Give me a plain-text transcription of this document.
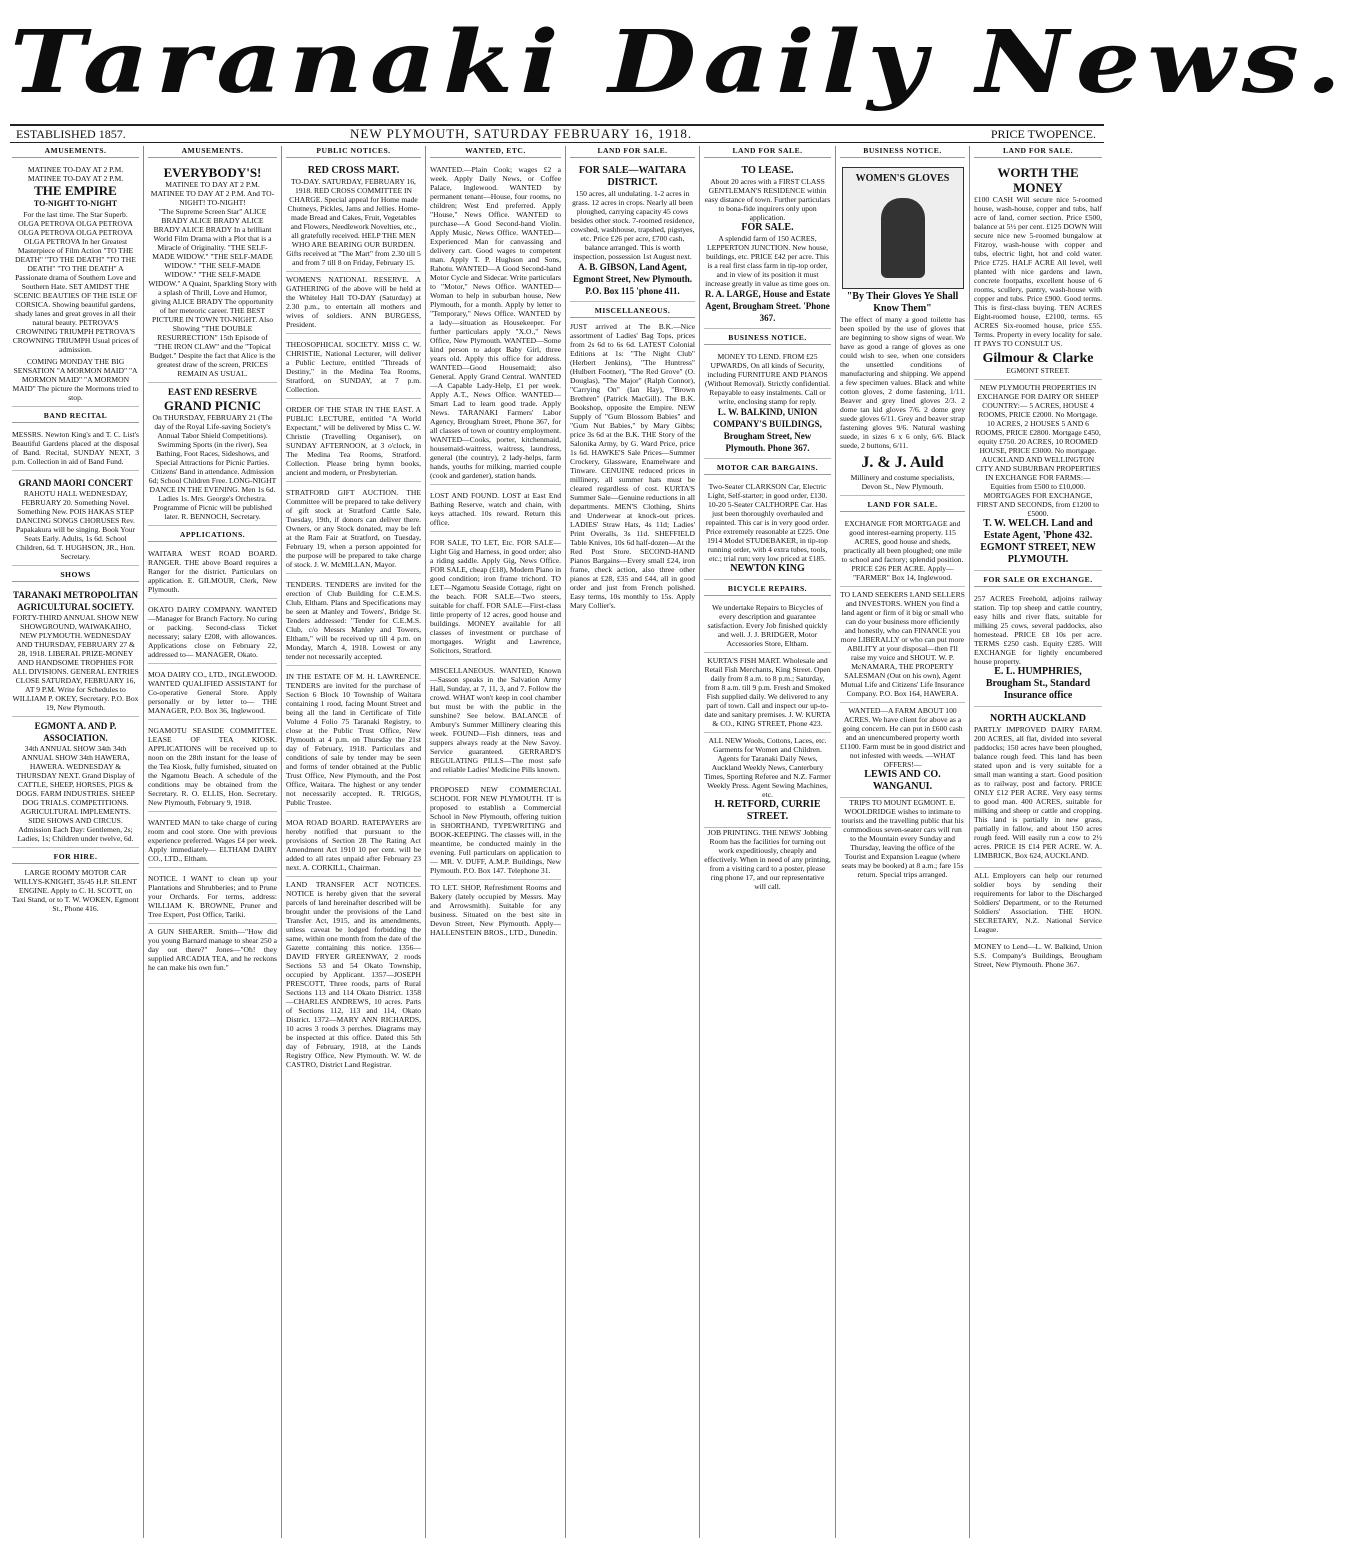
Taranaki Daily News.
ESTABLISHED 1857.	NEW PLYMOUTH, SATURDAY FEBRUARY 16, 1918.	PRICE TWOPENCE.
AMUSEMENTS.
MATINEE TO-DAY AT 2 P.M.
MATINEE TO-DAY AT 2 P.M.
THE EMPIRE
TO-NIGHT TO-NIGHT
For the last time. The Star Superb. OLGA PETROVA OLGA PETROVA OLGA PETROVA OLGA PETROVA OLGA PETROVA In her Greatest Masterpiece of Film Action "TO THE DEATH" "TO THE DEATH" "TO THE DEATH" "TO THE DEATH" A Passionate drama of Southern Love and Southern Hate. SET AMIDST THE SCENIC BEAUTIES OF THE ISLE OF CORSICA. Showing beautiful gardens, shady lanes and great groves in all their natural beauty. PETROVA'S CROWNING TRIUMPH PETROVA'S CROWNING TRIUMPH Usual prices of admission.
COMING MONDAY THE BIG SENSATION "A MORMON MAID" "A MORMON MAID" "A MORMON MAID" The picture the Mormons tried to stop.
BAND RECITAL
MESSRS. Newton King's and T. C. List's Beautiful Gardens placed at the disposal of Band. Recital, SUNDAY NEXT, 3 p.m. Collection in aid of Band Fund.
GRAND MAORI CONCERT
RAHOTU HALL WEDNESDAY, FEBRUARY 20. Something Novel. Something New. POIS HAKAS STEP DANCING SONGS CHORUSES Rev. Papakakura will be singing. Book Your Seats Early. Adults, 1s 6d. School Children, 6d. T. HUGHSON, JR., Hon. Secretary.
SHOWS
TARANAKI METROPOLITAN AGRICULTURAL SOCIETY.
FORTY-THIRD ANNUAL SHOW NEW SHOWGROUND, WAIWAKAIHO, NEW PLYMOUTH. WEDNESDAY AND THURSDAY, FEBRUARY 27 & 28, 1918. LIBERAL PRIZE-MONEY AND HANDSOME TROPHIES FOR ALL DIVISIONS. GENERAL ENTRIES CLOSE SATURDAY, FEBRUARY 16, AT 9 P.M. Write for Schedules to WILLIAM P. OKEY, Secretary. P.O. Box 19, New Plymouth.
EGMONT A. AND P. ASSOCIATION.
34th ANNUAL SHOW 34th 34th ANNUAL SHOW 34th HAWERA, HAWERA. WEDNESDAY & THURSDAY NEXT. Grand Display of CATTLE, SHEEP, HORSES, PIGS & DOGS. FARM INDUSTRIES. SHEEP DOG TRIALS. COMPETITIONS. AGRICULTURAL IMPLEMENTS. SIDE SHOWS AND CIRCUS. Admission Each Day: Gentlemen, 2s; Ladies, 1s; Children under twelve, 6d.
FOR HIRE.
LARGE ROOMY MOTOR CAR WILLYS-KNIGHT, 35/45 H.P. SILENT ENGINE. Apply to C. H. SCOTT, on Taxi Stand, or to T. W. WOKEN, Egmont St., Phone 416.
AMUSEMENTS.
EVERYBODY'S!
MATINEE TO DAY AT 2 P.M. MATINEE TO DAY AT 2 P.M. And TO-NIGHT! TO-NIGHT!
"The Supreme Screen Star" ALICE BRADY ALICE BRADY ALICE BRADY ALICE BRADY In a brilliant World Film Drama with a Plot that is a Miracle of Originality. "THE SELF-MADE WIDOW." "THE SELF-MADE WIDOW." "THE SELF-MADE WIDOW." "THE SELF-MADE WIDOW." A Quaint, Sparkling Story with a splash of Thrill, Love and Humor, giving ALICE BRADY The opportunity of her meteoric career. THE BEST PICTURE IN TOWN TO-NIGHT. Also Showing "THE DOUBLE RESURRECTION" 15th Episode of "THE IRON CLAW" and the "Topical Budget." Despite the fact that Alice is the greatest draw of the screen, PRICES REMAIN AS USUAL.
EAST END RESERVE
GRAND PICNIC
On THURSDAY, FEBRUARY 21 (The day of the Royal Life-saving Society's Annual Tabor Shield Competitions). Swimming Sports (in the river), Sea Bathing, Foot Races, Sideshows, and Special Attractions for Picnic Parties. Citizens' Band in attendance. Admission 6d; School Children Free. LONG-NIGHT DANCE IN THE EVENING. Men 1s 6d. Ladies 1s. Mrs. George's Orchestra. Programme of Picnic will be published later. R. BENNOCH, Secretary.
APPLICATIONS.
WAITARA WEST ROAD BOARD. RANGER. THE above Board requires a Ranger for the district. Particulars on application. E. GILMOUR, Clerk, New Plymouth.
OKATO DAIRY COMPANY. WANTED—Manager for Branch Factory. No curing or packing. Second-class Ticket necessary; salary £208, with allowances. Applications close on February 22, addressed to— MANAGER, Okato.
MOA DAIRY CO., LTD., INGLEWOOD. WANTED QUALIFIED ASSISTANT for Co-operative General Store. Apply personally or by letter to— THE MANAGER, P.O. Box 36, Inglewood.
NGAMOTU SEASIDE COMMITTEE. LEASE OF TEA KIOSK. APPLICATIONS will be received up to noon on the 28th instant for the lease of the Tea Kiosk, fully furnished, situated on the Ngamotu Beach. A schedule of the conditions may be obtained from the Secretary. R. O. ELLIS, Hon. Secretary. New Plymouth, February 9, 1918.
WANTED MAN to take charge of curing room and cool store. One with previous experience preferred. Wages £4 per week. Apply immediately— ELTHAM DAIRY CO., LTD., Eltham.
NOTICE. I WANT to clean up your Plantations and Shrubberies; and to Prune your Orchards. For terms, address: WILLIAM K. BROWNE, Pruner and Tree Expert, Post Office, Tariki.
A GUN SHEARER. Smith—"How did you young Barnard manage to shear 250 a day out there?" Jones—"Oh! they supplied ARCADIA TEA, and he reckons he can make his own fun."
PUBLIC NOTICES.
RED CROSS MART.
TO-DAY. SATURDAY, FEBRUARY 16, 1918. RED CROSS COMMITTEE IN CHARGE. Special appeal for Home made Chutneys, Pickles, Jams and Jellies. Home-made Bread and Cakes, Fruit, Vegetables and Flowers, Needlework Novelties, etc., all gratefully received. HELP THE MEN WHO ARE BEARING OUR BURDEN. Gifts received at "The Mart" from 2.30 till 5 and from 7 till 8 on Friday, February 15.
WOMEN'S NATIONAL RESERVE. A GATHERING of the above will be held at the Whiteley Hall TO-DAY (Saturday) at 2.30 p.m., to entertain all mothers and wives of soldiers. ANN BURGESS, President.
THEOSOPHICAL SOCIETY. MISS C. W. CHRISTIE, National Lecturer, will deliver a Public Lecture, entitled "Threads of Destiny," in the Medina Tea Rooms, Stratford, on SUNDAY, at 7 p.m. Collection.
ORDER OF THE STAR IN THE EAST. A PUBLIC LECTURE, entitled "A World Expectant," will be delivered by Miss C. W. Christie (Travelling Organiser), on SUNDAY AFTERNOON, at 3 o'clock, in The Medina Tea Rooms, Stratford. Collection. Please bring hymn books, ancient and modern, or Presbyterian.
STRATFORD GIFT AUCTION. THE Committee will be prepared to take delivery of gift stock at Stratford Cattle Sale, Tuesday, 19th, if donors can deliver there. Owners, or any Stock donated, may be left at the Ram Fair at Stratford, on Tuesday, February 19, when a person appointed for the purpose will be prepared to take charge of stock. J. W. McMILLAN, Mayor.
TENDERS. TENDERS are invited for the erection of Club Building for C.E.M.S. Club, Eltham. Plans and Specifications may be seen at Manley and Towers', Bridge St. Tenders addressed: "Tender for C.E.M.S. Club, c/o Messrs Manley and Towers, Eltham," will be received up till 4 p.m. on Monday, March 4, 1918. Lowest or any tender not necessarily accepted.
IN THE ESTATE OF M. H. LAWRENCE. TENDERS are invited for the purchase of Section 6 Block 10 Township of Waitara containing 1 rood, facing Mount Street and being all the land in Certificate of Title Volume 4 Folio 75 Taranaki Registry, to close at the Public Trust Office, New Plymouth at 4 p.m. on Thursday the 21st day of February, 1918. Particulars and conditions of sale by tender may be seen and forms of tender obtained at the Public Trust Office, New Plymouth, and the Post Office, Waitara. The highest or any tender not necessarily accepted. R. TRIGGS, Public Trustee.
MOA ROAD BOARD. RATEPAYERS are hereby notified that pursuant to the provisions of Section 28 The Rating Act Amendment Act 1910 10 per cent. will be added to all rates unpaid after February 23 next. A. CORKILL, Chairman.
LAND TRANSFER ACT NOTICES. NOTICE is hereby given that the several parcels of land hereinafter described will be brought under the provisions of the Land Transfer Act, 1915, and its amendments, unless caveat be lodged forbidding the same, within one month from the date of the Gazette containing this notice. 1356—DAVID FRYER GREENWAY, 2 roods Sections 53 and 54 Okato Township, occupied by Applicant. 1357—JOSEPH PRESCOTT, Three roods, parts of Rural Sections 113 and 114 Okato District. 1358—CHARLES ANDREWS, 10 acres. Parts of Sections 112, 113 and 114, Okato District. 1372—MARY ANN RICHARDS, 10 acres 3 roods 3 perches. Diagrams may be inspected at this office. Dated this 5th day of February, 1918, at the Lands Registry Office, New Plymouth. W. W. de CASTRO, District Land Registrar.
WANTED, ETC.
WANTED.—Plain Cook; wages £2 a week. Apply Daily News, or Coffee Palace, Inglewood. WANTED by permanent tenant—House, four rooms, no children; West End preferred. Apply "House," News Office. WANTED to purchase—A Good Second-hand Violin. Apply Music, News Office. WANTED—Experienced Man for canvassing and delivery cart. Good wages to competent man. Apply T. P. Hughson and Sons, Rahotu. WANTED—A Good Second-hand Motor Cycle and Sidecar. Write particulars to "Motor," News Office. WANTED—Woman to help in suburban house, New Plymouth, for a month. Apply by letter to "Temporary," News Office. WANTED by a lady—situation as Housekeeper. For further particulars apply "X.O.," News Office, New Plymouth. WANTED—Some kind person to adopt Baby Girl, three years old. Apply this office for address. WANTED—Good Housemaid; also General. Apply Grand Central. WANTED—A Capable Lady-Help, £1 per week. Apply A.T., News Office. WANTED—Smart Lad to learn good trade. Apply News. TARANAKI Farmers' Labor Agency, Brougham Street, Phone 367, for all classes of town or country employment. WANTED—Cooks, porter, kitchenmaid, housemaid-waitress, waitress, laundress, general (the country), 2 lady-helps, farm hands, youths for milking, married couple (cook and gardener), station hands.
LOST AND FOUND. LOST at East End Bathing Reserve, watch and chain, with keys attached. 10s reward. Return this office.
FOR SALE, TO LET, Etc. FOR SALE—Light Gig and Harness, in good order; also a riding saddle. Apply Gig, News Office. FOR SALE, cheap (£18), Modern Piano in good condition; iron frame trichord. TO LET—Ngamotu Seaside Cottage, right on the beach. FOR SALE—Two steers, suitable for chaff. FOR SALE—First-class little property of 12 acres, good house and buildings. MONEY available for all classes of investment or purchase of mortgages. Wright and Lawrence, Solicitors, Stratford.
MISCELLANEOUS. WANTED, Known—Sasson speaks in the Salvation Army Hall, Sunday, at 7, 11, 3, and 7. Follow the crowd. WHAT won't keep in cool chamber but must be with the public in the sunshine? See below. BALANCE of Ambury's Summer Millinery clearing this week. FOUND—Fish dinners, teas and suppers always ready at the New Savoy. Service guaranteed. GERRARD'S REGULATING PILLS—The most safe and reliable Ladies' Medicine Pills known.
PROPOSED NEW COMMERCIAL SCHOOL FOR NEW PLYMOUTH. IT is proposed to establish a Commercial School in New Plymouth, offering tuition in SHORTHAND, TYPEWRITING and BOOK-KEEPING. The classes will, in the meantime, be conducted mainly in the evening. Full particulars on application to— MR. V. DUFF, A.M.P. Buildings, New Plymouth. P.O. Box 147. Telephone 31.
TO LET. SHOP, Refreshment Rooms and Bakery (lately occupied by Messrs. May and Arrowsmith). Suitable for any business. Situated on the best site in Devon Street, New Plymouth. Apply— HALLENSTEIN BROS., LTD., Dunedin.
LAND FOR SALE.
FOR SALE—WAITARA DISTRICT.
150 acres, all undulating. 1-2 acres in grass. 12 acres in crops. Nearly all been ploughed, carrying capacity 45 cows besides other stock. 7-roomed residence, cowshed, washhouse, trapshed, pigstyes, etc. Price £26 per acre, £700 cash, balance arranged. This is worth inspection, possession 1st August next.
A. B. GIBSON, Land Agent, Egmont Street, New Plymouth. P.O. Box 115 'phone 411.
MISCELLANEOUS.
JUST arrived at The B.K.—Nice assortment of Ladies' Bag Tops, prices from 2s 6d to 6s 6d. LATEST Colonial Editions at 1s: "The Night Club" (Herbert Jenkins), "The Huntress" (Hulbert Footner), "The Red Grove" (O. Douglas), "The Major" (Ralph Connor), "Carrying On" (Ian Hay), "Brown Brethren" (Patrick MacGill). The B.K. Bookshop, opposite the Empire. NEW Supply of "Gum Blossom Babies" and "Gum Nut Babies," by Mary Gibbs; price 3s 6d at the B.K. THE Story of the Salonika Army, by G. Ward Price, price 1s 6d. HAWKE'S Sale Prices—Summer Crockery, Glassware, Enamelware and Tinware. CENUINE reduced prices in millinery, all summer hats must be cleared regardless of cost. KURTA'S Summer Sale—Genuine reductions in all departments. MEN'S Clothing, Shirts and Underwear at knock-out prices. LADIES' Straw Hats, 4s 11d; Ladies' Print Overalls, 3s 11d. SHEFFIELD Table Knives, 10s 6d half-dozen—At the Red Post Store. SECOND-HAND Pianos Bargains—Every small £24, iron frame, check action, also three other pianos at £28, £35 and £44, all in good order and just from French polished. Easy terms, 10s monthly to 15s. Apply Mary Collier's.
LAND FOR SALE.
TO LEASE.
About 20 acres with a FIRST CLASS GENTLEMAN'S RESIDENCE within easy distance of town. Further particulars to bona-fide inquirers only upon application.
FOR SALE.
A splendid farm of 150 ACRES, LEPPERTON JUNCTION. New house, buildings, etc. PRICE £42 per acre. This is a real first class farm in tip-top order, and in view of its position it must increase greatly in value as time goes on.
R. A. LARGE, House and Estate Agent, Brougham Street. 'Phone 367.
BUSINESS NOTICE.
MONEY TO LEND. FROM £25 UPWARDS, On all kinds of Security, including FURNITURE AND PIANOS (Without Removal). Strictly confidential. Repayable to easy instalments. Call or write, enclosing stamp for reply.
L. W. BALKIND, UNION COMPANY'S BUILDINGS, Brougham Street, New Plymouth. Phone 367.
MOTOR CAR BARGAINS.
Two-Seater CLARKSON Car, Electric Light, Self-starter; in good order, £130. 10-20 5-Seater CALTHORPE Car. Has just been thoroughly overhauled and repainted. This car is in very good order. Price extremely reasonable at £225. One 1914 Model STUDEBAKER, in tip-top running order, with 4 extra tubes, tools, etc.; trial run; very low priced at £185.
NEWTON KING
BICYCLE REPAIRS.
We undertake Repairs to Bicycles of every description and guarantee satisfaction. Every Job finished quickly and well. J. J. BRIDGER, Motor Accessories Store, Eltham.
KURTA'S FISH MART. Wholesale and Retail Fish Merchants, King Street. Open daily from 8 a.m. to 8 p.m.; Saturday, from 8 a.m. till 9 p.m. Fresh and Smoked Fish supplied daily. We delivered to any part of town. Call and inspect our up-to-date and sanitary premises. J. W. KURTA & CO., KING STREET, Phone 423.
ALL NEW Wools, Cottons, Laces, etc. Garments for Women and Children. Agents for Taranaki Daily News, Auckland Weekly News, Canterbury Times, Sporting Referee and N.Z. Farmer Weekly Press. Agent Sewing Machines, etc.
H. RETFORD, CURRIE STREET.
JOB PRINTING. THE NEWS' Jobbing Room has the facilities for turning out work expeditiously, cheaply and effectively. When in need of any printing, from a visiting card to a poster, please ring phone 17, and our representative will call.
BUSINESS NOTICE.
WOMEN'S GLOVES
"By Their Gloves Ye Shall Know Them"
The effect of many a good toilette has been spoiled by the use of gloves that are beginning to show signs of wear. We have as good a range of gloves as one could wish to see, when one considers the unsettled conditions of manufacturing and shipping. We append a few specimen values. Black and white cotton gloves, 2 dome fastening, 1/11. Beaver and grey lined gloves 2/3. 2 dome tan kid gloves 7/6. 2 dome grey suede gloves 6/11. Grey and beaver strap fastening gloves 9/6. Natural washing suede, in sizes 6 x 6 only, 6/6. Black suede, 2 buttons, 6/11.
J. & J. Auld
Millinery and costume specialists, Devon St., New Plymouth.
LAND FOR SALE.
EXCHANGE FOR MORTGAGE and good interest-earning property. 115 ACRES, good house and sheds, practically all been ploughed; one mile to school and factory; splendid position. PRICE £26 PER ACRE. Apply— "FARMER" Box 14, Inglewood.
TO LAND SEEKERS LAND SELLERS and INVESTORS. WHEN you find a land agent or firm of it big or small who can do your business more efficiently and honestly, who can FINANCE you more LIBERALLY or who can put more ABILITY at your disposal—then I'll raise my voice and SHOUT. W. P. McNAMARA, THE PROPERTY SALESMAN (Out on his own), Agent Mutual Life and Citizens' Life Insurance Company. P.O. Box 164, HAWERA.
WANTED—A FARM ABOUT 100 ACRES. We have client for above as a going concern. He can put in £600 cash and an unencumbered property worth £1100. Farm must be in good district and not infested with weeds. —WHAT OFFERS!—
LEWIS AND CO. WANGANUI.
TRIPS TO MOUNT EGMONT. E. WOOLDRIDGE wishes to intimate to tourists and the travelling public that his commodious seven-seater cars will run to the Mountain every Sunday and Thursday, leaving the office of the Tourist and Expansion League (where seats may be booked) at 8 a.m.; fare 15s return. Special trips arranged.
LAND FOR SALE.
WORTH THE MONEY
£100 CASH Will secure nice 5-roomed house, wash-house, copper and tubs, half acre of land, corner section. Price £500, balance at 5½ per cent. £125 DOWN Will secure nice new 5-roomed bungalow at Fitzroy, wash-house with copper and tubs, electric light, hot and cold water. Price £725. HALF ACRE All level, well planted with nice gardens and lawn, concrete footpaths, excellent house of 6 rooms, scullery, pantry, wash-house with copper and tubs. Price £900. Good terms. This is first-class buying. TEN ACRES Eight-roomed house, £2100, terms. 65 ACRES Six-roomed house, price £55. Terms. Property in every locality for sale. IT PAYS TO CONSULT US.
Gilmour & Clarke
EGMONT STREET.
NEW PLYMOUTH PROPERTIES IN EXCHANGE FOR DAIRY OR SHEEP COUNTRY:— 5 ACRES, HOUSE 4 ROOMS, PRICE £2000. No Mortgage. 10 ACRES, 2 HOUSES 5 AND 6 ROOMS, PRICE £2800. Mortgage £450, equity £750. 20 ACRES, 10 ROOMED HOUSE, PRICE £3000. No mortgage. AUCKLAND AND WELLINGTON CITY AND SUBURBAN PROPERTIES IN EXCHANGE FOR FARMS:— Equities from £500 to £10,000. MORTGAGES FOR EXCHANGE, FIRST AND SECONDS, from £1200 to £5000.
T. W. WELCH. Land and Estate Agent, 'Phone 432. EGMONT STREET, NEW PLYMOUTH.
FOR SALE OR EXCHANGE.
257 ACRES Freehold, adjoins railway station. Tip top sheep and cattle country, easy hills and river flats, suitable for milking 25 cows, several paddocks, also homestead. PRICE £8 10s per acre. TERMS £250 cash. Equity £285. Will EXCHANGE for lightly encumbered house property.
E. L. HUMPHRIES, Brougham St., Standard Insurance office
NORTH AUCKLAND
PARTLY IMPROVED DAIRY FARM. 200 ACRES, all flat, divided into several paddocks; 150 acres have been ploughed, balance rough feed. This land has been stated upon and is very suitable for a small man wanting a start. Good position as to railway, post and factory. PRICE ONLY £12 PER ACRE. Very easy terms to good man. 400 ACRES, suitable for milking and sheep or cattle and cropping. This land is partially in new grass, partially in fallow, and about 150 acres rough feed. Will easily run a cow to 2½ acres. PRICE IS £14 PER ACRE. W. A. LIMBRICK, Box 624, AUCKLAND.
ALL Employers can help our returned soldier boys by sending their requirements for labor to the Discharged Soldiers' Department, or to the Returned Soldiers' Association. THE HON. SECRETARY, N.Z. National Service League.
MONEY to Lend—L. W. Balkind, Union S.S. Company's Buildings, Brougham Street, New Plymouth. Phone 367.
